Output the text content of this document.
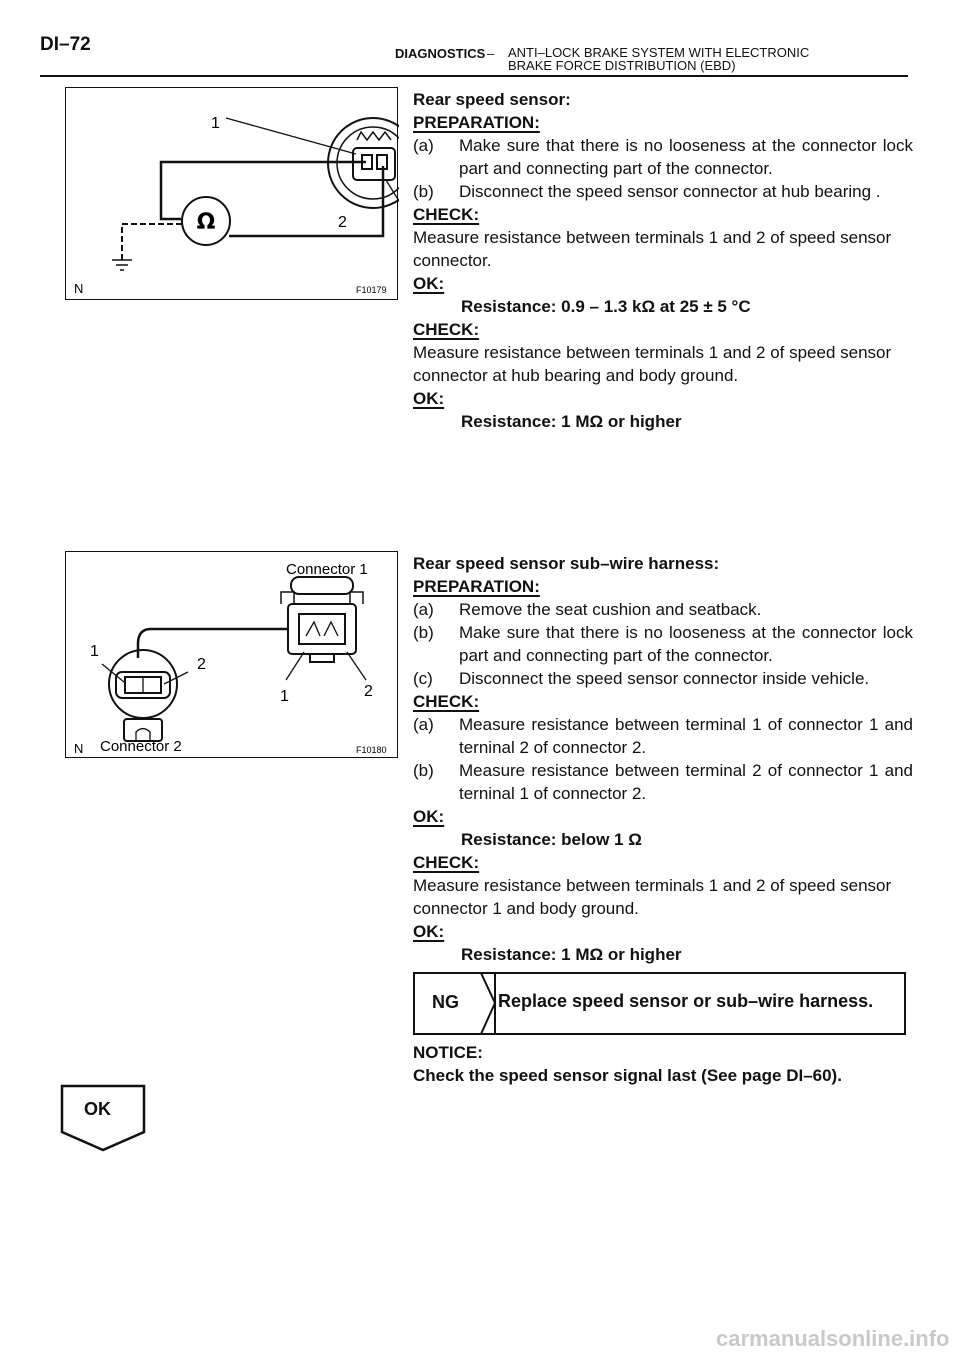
DI–72	DIAGNOSTICS – ANTI–LOCK BRAKE SYSTEM WITH ELECTRONIC
BRAKE FORCE DISTRIBUTION (EBD)
Ω
1
2
N	F10179
Connector 1
1
2
1	2
N Connector 2	F10180
Rear speed sensor:
PREPARATION:
(a) Make sure that there is no looseness at the connector lock part and connecting part of the connector.
(b) Disconnect the speed sensor connector at hub bearing .
CHECK:
Measure resistance between terminals 1 and 2 of speed sensor connector.
OK:
Resistance: 0.9 – 1.3 kΩ at 25 ± 5 °C
CHECK:
Measure resistance between terminals 1 and 2 of speed sensor connector at hub bearing and body ground.
OK:
Resistance: 1 MΩ or higher
Rear speed sensor sub–wire harness:
PREPARATION:
(a) Remove the seat cushion and seatback.
(b) Make sure that there is no looseness at the connector lock part and connecting part of the connector.
(c) Disconnect the speed sensor connector inside vehicle.
CHECK:
(a) Measure resistance between terminal 1 of connector 1 and terninal 2 of connector 2.
(b) Measure resistance between terminal 2 of connector 1 and terninal 1 of connector 2.
OK:
Resistance: below 1 Ω
CHECK:
Measure resistance between terminals 1 and 2 of speed sensor connector 1 and body ground.
OK:
Resistance: 1 MΩ or higher
NG Replace speed sensor or sub–wire harness.
NOTICE:
Check the speed sensor signal last (See page DI–60).
OK
carmanualsonline.info
